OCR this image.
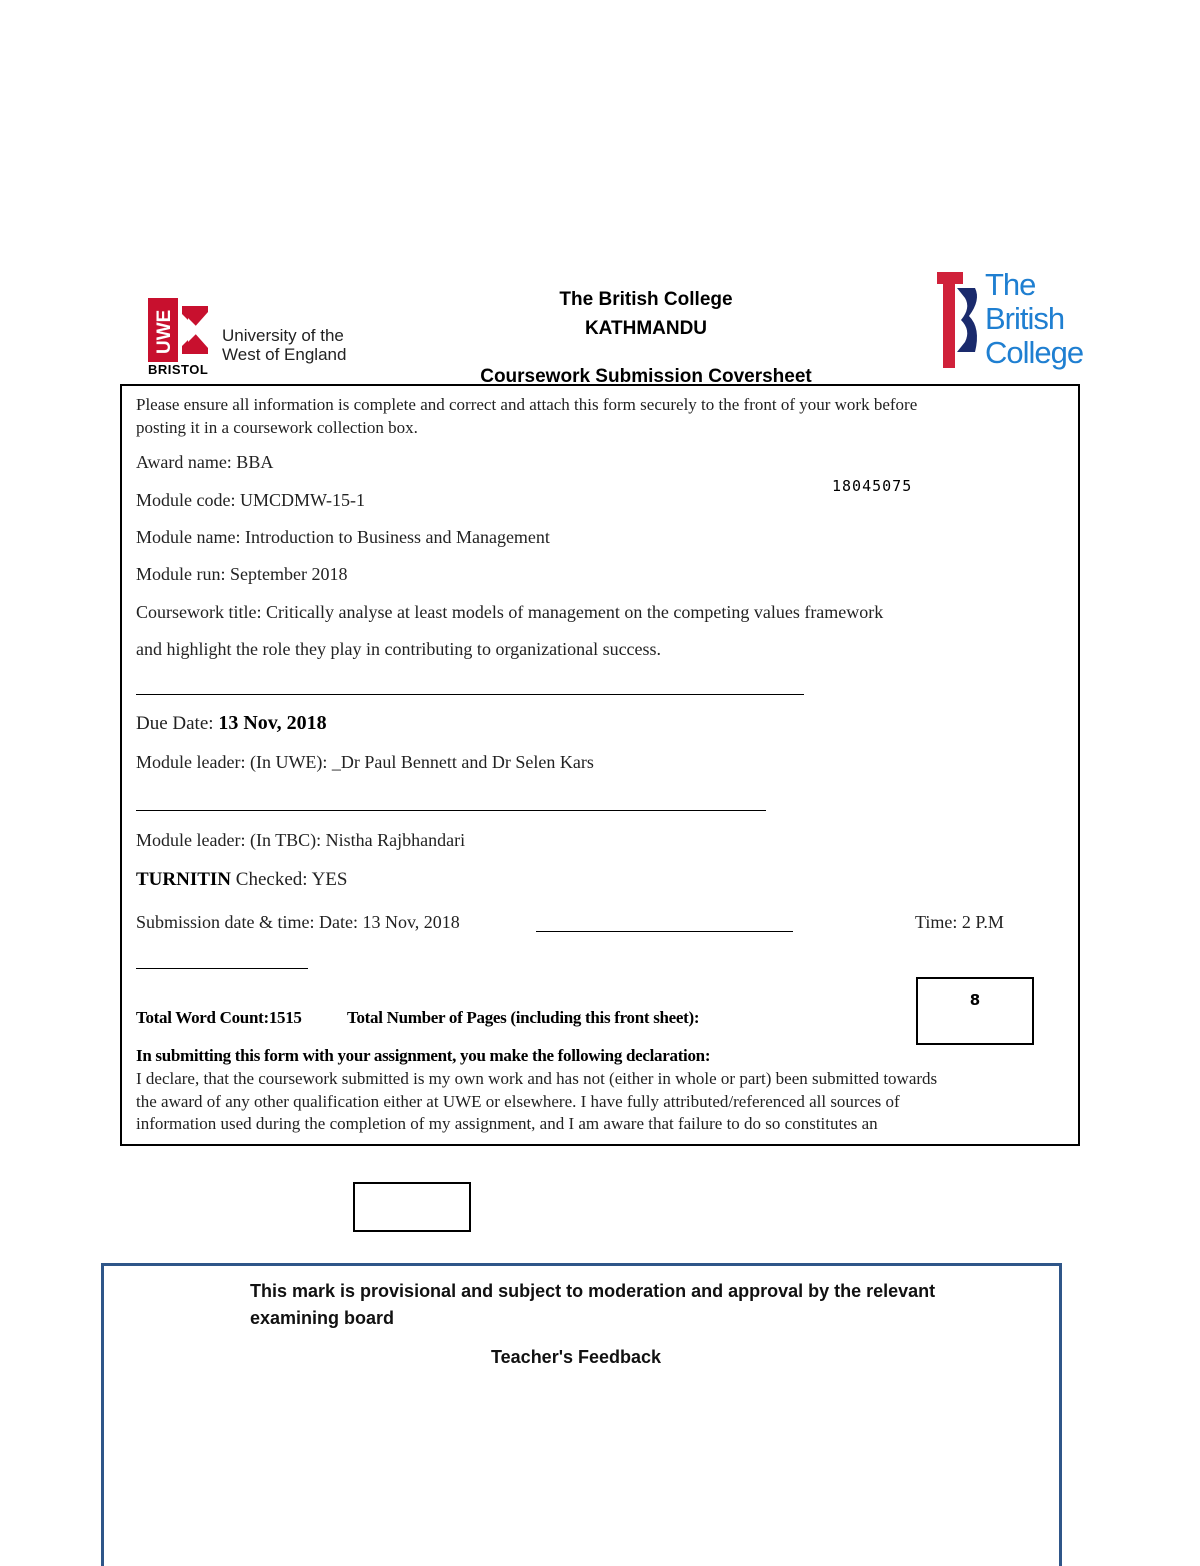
UWE	University of the
West of England
BRISTOL
The British College
KATHMANDU
Coursework Submission Coversheet
The
British
College
Please ensure all information is complete and correct and attach this form securely to the front of your work before
posting it in a coursework collection box.
Award name: BBA
18045075
Module code: UMCDMW-15-1
Module name: Introduction to Business and Management
Module run: September 2018
Coursework title: Critically analyse at least models of management on the competing values framework
and highlight the role they play in contributing to organizational success.
Due Date: 13 Nov, 2018
Module leader: (In UWE): _Dr Paul Bennett and Dr Selen Kars
Module leader: (In TBC): Nistha Rajbhandari
TURNITIN Checked: YES
Submission date & time: Date: 13 Nov, 2018	Time: 2 P.M
Total Word Count:1515	Total Number of Pages (including this front sheet):
8
In submitting this form with your assignment, you make the following declaration:
I declare, that the coursework submitted is my own work and has not (either in whole or part) been submitted towards
the award of any other qualification either at UWE or elsewhere. I have fully attributed/referenced all sources of
information used during the completion of my assignment, and I am aware that failure to do so constitutes an
This mark is provisional and subject to moderation and approval by the relevant
examining board
Teacher's Feedback
